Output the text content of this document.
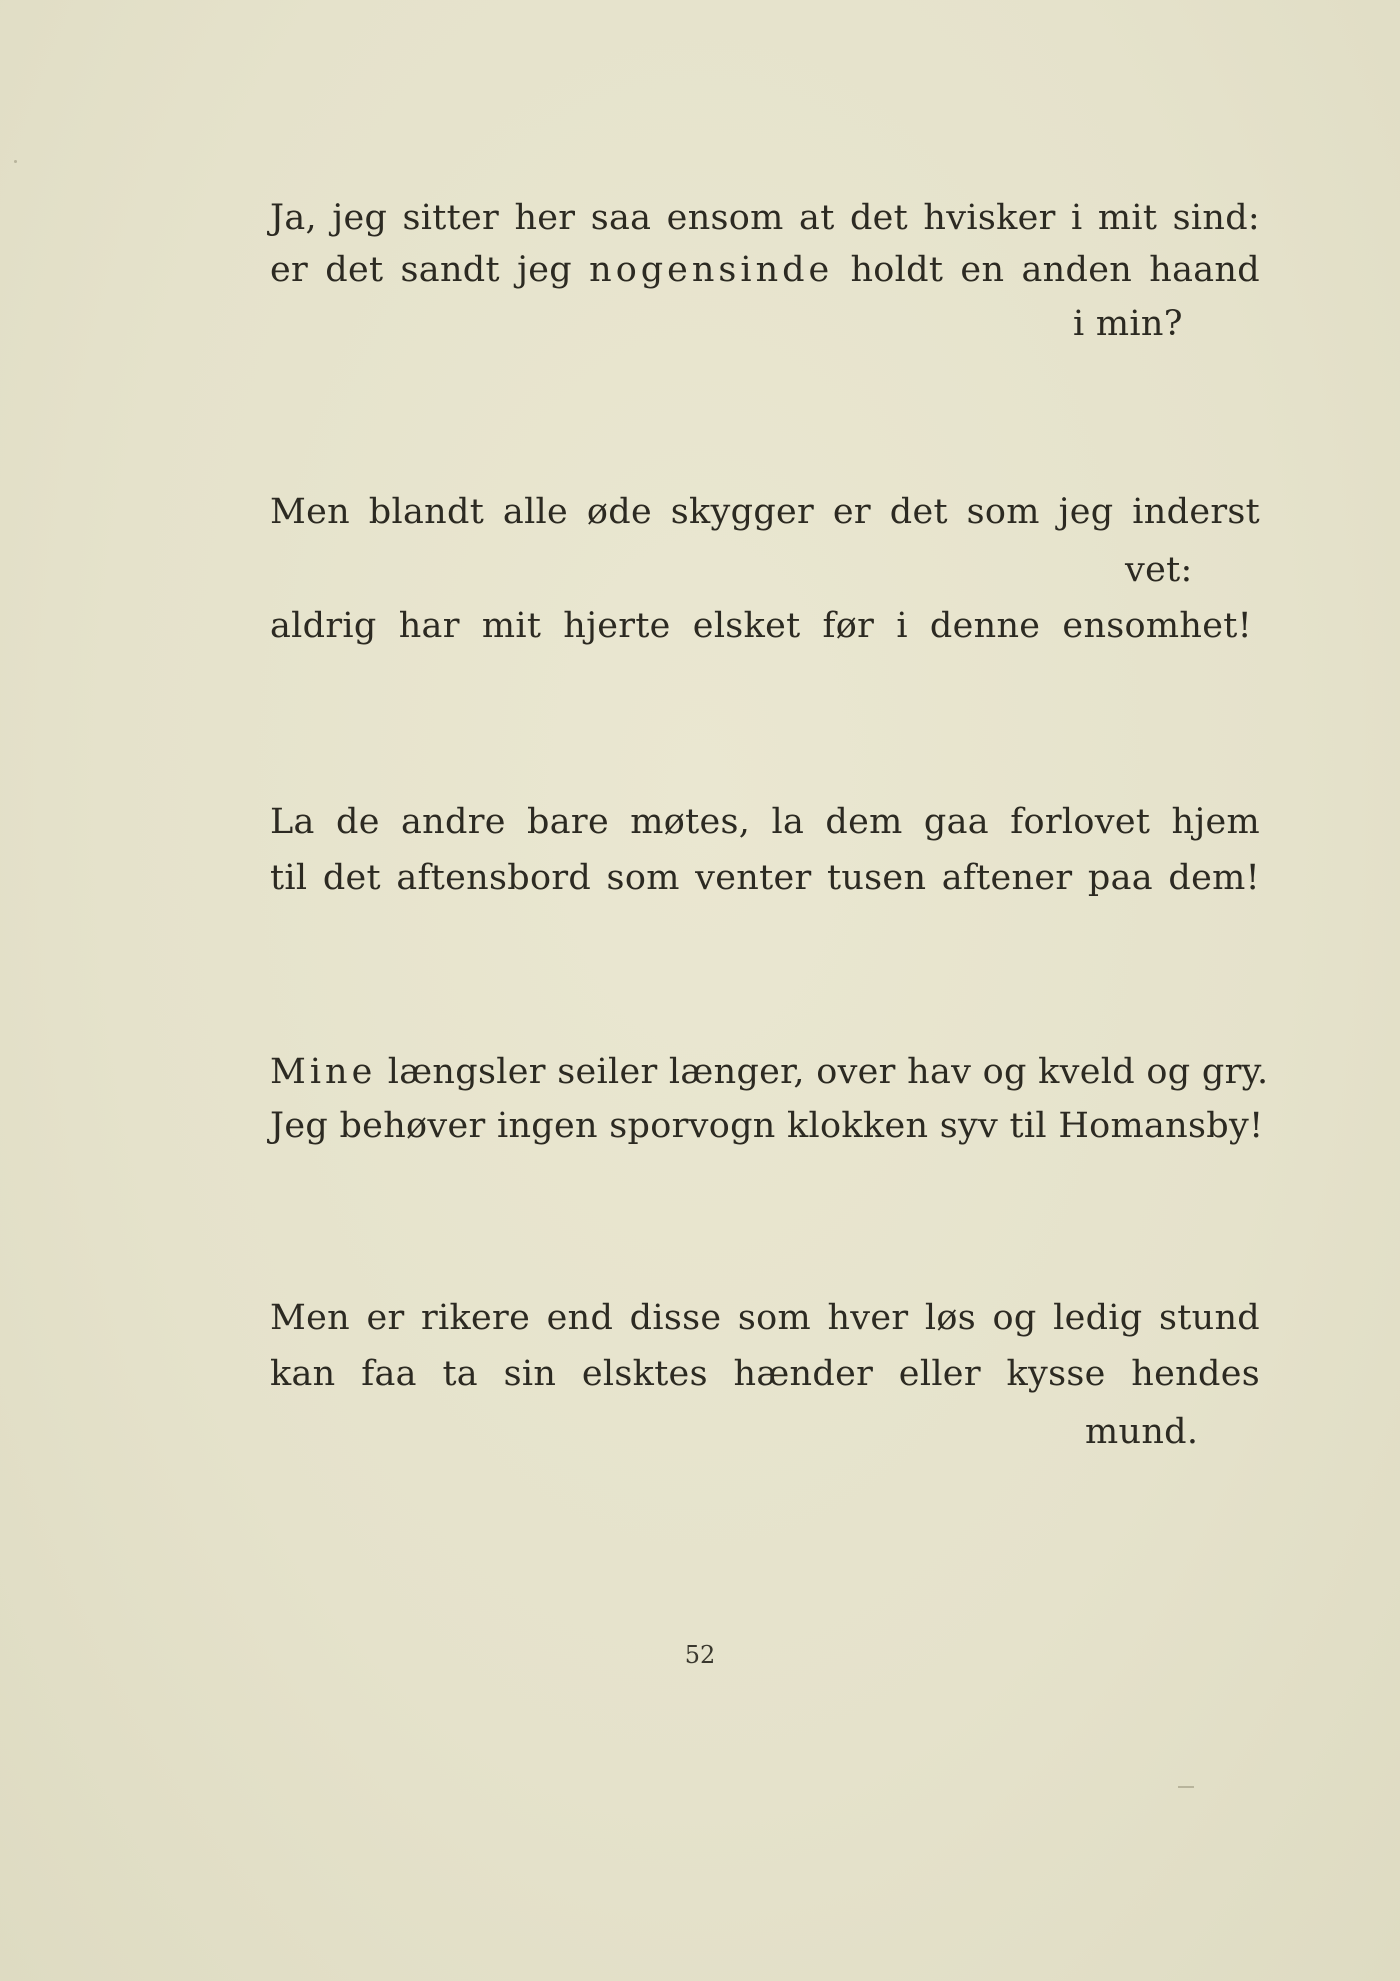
Ja, jeg sitter her saa ensom at det hvisker i mit sind:
er det sandt jeg nogensinde holdt en anden haand
i min?
Men blandt alle øde skygger er det som jeg inderst
vet:
aldrig har mit hjerte elsket før i denne ensomhet!
La de andre bare møtes, la dem gaa forlovet hjem
til det aftensbord som venter tusen aftener paa dem!
Mine længsler seiler længer, over hav og kveld og gry.
Jeg behøver ingen sporvogn klokken syv til Homansby!
Men er rikere end disse som hver løs og ledig stund
kan faa ta sin elsktes hænder eller kysse hendes
mund.
52
